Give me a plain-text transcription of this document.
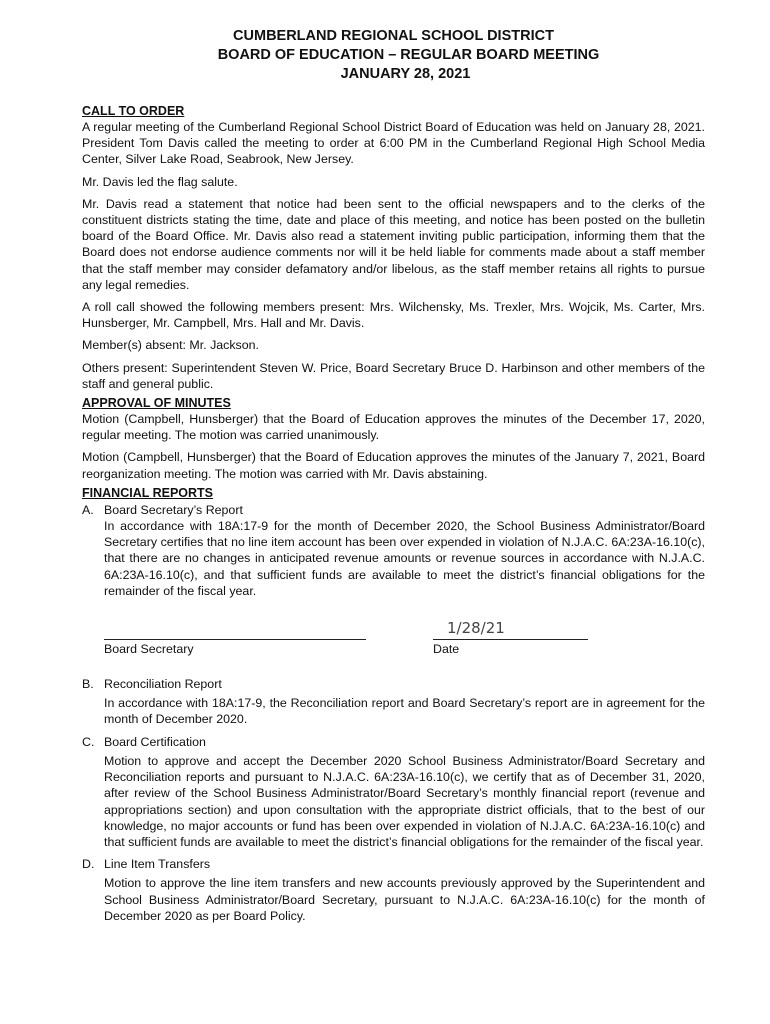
CUMBERLAND REGIONAL SCHOOL DISTRICT
BOARD OF EDUCATION – REGULAR BOARD MEETING
JANUARY 28, 2021
CALL TO ORDER

A regular meeting of the Cumberland Regional School District Board of Education was held on January 28, 2021. President Tom Davis called the meeting to order at 6:00 PM in the Cumberland Regional High School Media Center, Silver Lake Road, Seabrook, New Jersey.

Mr. Davis led the flag salute.

Mr. Davis read a statement that notice had been sent to the official newspapers and to the clerks of the constituent districts stating the time, date and place of this meeting, and notice has been posted on the bulletin board of the Board Office. Mr. Davis also read a statement inviting public participation, informing them that the Board does not endorse audience comments nor will it be held liable for comments made about a staff member that the staff member may consider defamatory and/or libelous, as the staff member retains all rights to pursue any legal remedies.

A roll call showed the following members present: Mrs. Wilchensky, Ms. Trexler, Mrs. Wojcik, Ms. Carter, Mrs. Hunsberger, Mr. Campbell, Mrs. Hall and Mr. Davis.

Member(s) absent: Mr. Jackson.

Others present: Superintendent Steven W. Price, Board Secretary Bruce D. Harbinson and other members of the staff and general public.

APPROVAL OF MINUTES

Motion (Campbell, Hunsberger) that the Board of Education approves the minutes of the December 17, 2020, regular meeting. The motion was carried unanimously.

Motion (Campbell, Hunsberger) that the Board of Education approves the minutes of the January 7, 2021, Board reorganization meeting. The motion was carried with Mr. Davis abstaining.

FINANCIAL REPORTS
A. Board Secretary’s Report
In accordance with 18A:17-9 for the month of December 2020, the School Business Administrator/Board Secretary certifies that no line item account has been over expended in violation of N.J.A.C. 6A:23A-16.10(c), that there are no changes in anticipated revenue amounts or revenue sources in accordance with N.J.A.C. 6A:23A-16.10(c), and that sufficient funds are available to meet the district’s financial obligations for the remainder of the fiscal year.
Board Secretary
1/28/21
Date
B. Reconciliation Report
In accordance with 18A:17-9, the Reconciliation report and Board Secretary’s report are in agreement for the month of December 2020.
C. Board Certification
Motion to approve and accept the December 2020 School Business Administrator/Board Secretary and Reconciliation reports and pursuant to N.J.A.C. 6A:23A-16.10(c), we certify that as of December 31, 2020, after review of the School Business Administrator/Board Secretary’s monthly financial report (revenue and appropriations section) and upon consultation with the appropriate district officials, that to the best of our knowledge, no major accounts or fund has been over expended in violation of N.J.A.C. 6A:23A-16.10(c) and that sufficient funds are available to meet the district’s financial obligations for the remainder of the fiscal year.
D. Line Item Transfers
Motion to approve the line item transfers and new accounts previously approved by the Superintendent and School Business Administrator/Board Secretary, pursuant to N.J.A.C. 6A:23A-16.10(c) for the month of December 2020 as per Board Policy.
